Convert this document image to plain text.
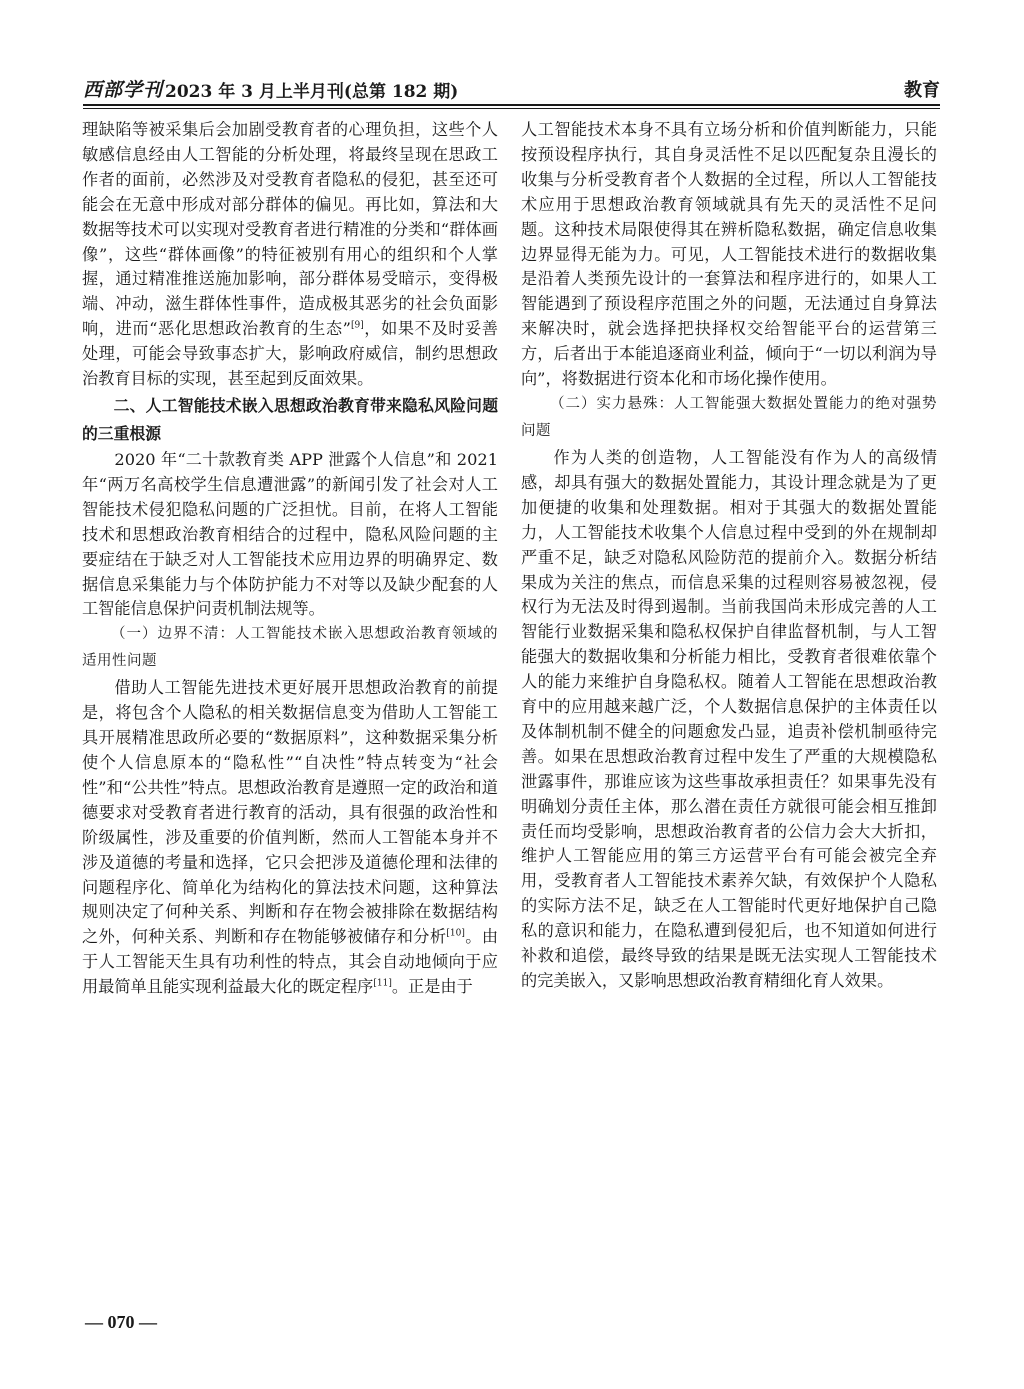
西部学刊 2023 年 3 月上半月刊(总第 182 期)	教育

理缺陷等被采集后会加剧受教育者的心理负担，这些个人敏感信息经由人工智能的分析处理，将最终呈现在思政工作者的面前，必然涉及对受教育者隐私的侵犯，甚至还可能会在无意中形成对部分群体的偏见。再比如，算法和大数据等技术可以实现对受教育者进行精准的分类和“群体画像”，这些“群体画像”的特征被别有用心的组织和个人掌握，通过精准推送施加影响，部分群体易受暗示，变得极端、冲动，滋生群体性事件，造成极其恶劣的社会负面影响，进而“恶化思想政治教育的生态”[9]，如果不及时妥善处理，可能会导致事态扩大，影响政府威信，制约思想政治教育目标的实现，甚至起到反面效果。

二、人工智能技术嵌入思想政治教育带来隐私风险问题的三重根源

2020 年“二十款教育类 APP 泄露个人信息”和 2021 年“两万名高校学生信息遭泄露”的新闻引发了社会对人工智能技术侵犯隐私问题的广泛担忧。目前，在将人工智能技术和思想政治教育相结合的过程中，隐私风险问题的主要症结在于缺乏对人工智能技术应用边界的明确界定、数据信息采集能力与个体防护能力不对等以及缺少配套的人工智能信息保护问责机制法规等。

（一）边界不清：人工智能技术嵌入思想政治教育领域的适用性问题

借助人工智能先进技术更好展开思想政治教育的前提是，将包含个人隐私的相关数据信息变为借助人工智能工具开展精准思政所必要的“数据原料”，这种数据采集分析使个人信息原本的“隐私性”“自决性”特点转变为“社会性”和“公共性”特点。思想政治教育是遵照一定的政治和道德要求对受教育者进行教育的活动，具有很强的政治性和阶级属性，涉及重要的价值判断，然而人工智能本身并不涉及道德的考量和选择，它只会把涉及道德伦理和法律的问题程序化、简单化为结构化的算法技术问题，这种算法规则决定了何种关系、判断和存在物会被排除在数据结构之外，何种关系、判断和存在物能够被储存和分析[10]。由于人工智能天生具有功利性的特点，其会自动地倾向于应用最简单且能实现利益最大化的既定程序[11]。正是由于

人工智能技术本身不具有立场分析和价值判断能力，只能按预设程序执行，其自身灵活性不足以匹配复杂且漫长的收集与分析受教育者个人数据的全过程，所以人工智能技术应用于思想政治教育领域就具有先天的灵活性不足问题。这种技术局限使得其在辨析隐私数据，确定信息收集边界显得无能为力。可见，人工智能技术进行的数据收集是沿着人类预先设计的一套算法和程序进行的，如果人工智能遇到了预设程序范围之外的问题，无法通过自身算法来解决时，就会选择把抉择权交给智能平台的运营第三方，后者出于本能追逐商业利益，倾向于“一切以利润为导向”，将数据进行资本化和市场化操作使用。

（二）实力悬殊：人工智能强大数据处置能力的绝对强势问题

作为人类的创造物，人工智能没有作为人的高级情感，却具有强大的数据处置能力，其设计理念就是为了更加便捷的收集和处理数据。相对于其强大的数据处置能力，人工智能技术收集个人信息过程中受到的外在规制却严重不足，缺乏对隐私风险防范的提前介入。数据分析结果成为关注的焦点，而信息采集的过程则容易被忽视，侵权行为无法及时得到遏制。当前我国尚未形成完善的人工智能行业数据采集和隐私权保护自律监督机制，与人工智能强大的数据收集和分析能力相比，受教育者很难依靠个人的能力来维护自身隐私权。随着人工智能在思想政治教育中的应用越来越广泛，个人数据信息保护的主体责任以及体制机制不健全的问题愈发凸显，追责补偿机制亟待完善。如果在思想政治教育过程中发生了严重的大规模隐私泄露事件，那谁应该为这些事故承担责任？如果事先没有明确划分责任主体，那么潜在责任方就很可能会相互推卸责任而均受影响，思想政治教育者的公信力会大大折扣，维护人工智能应用的第三方运营平台有可能会被完全弃用，受教育者人工智能技术素养欠缺，有效保护个人隐私的实际方法不足，缺乏在人工智能时代更好地保护自己隐私的意识和能力，在隐私遭到侵犯后，也不知道如何进行补救和追偿，最终导致的结果是既无法实现人工智能技术的完美嵌入，又影响思想政治教育精细化育人效果。

— 070 —
